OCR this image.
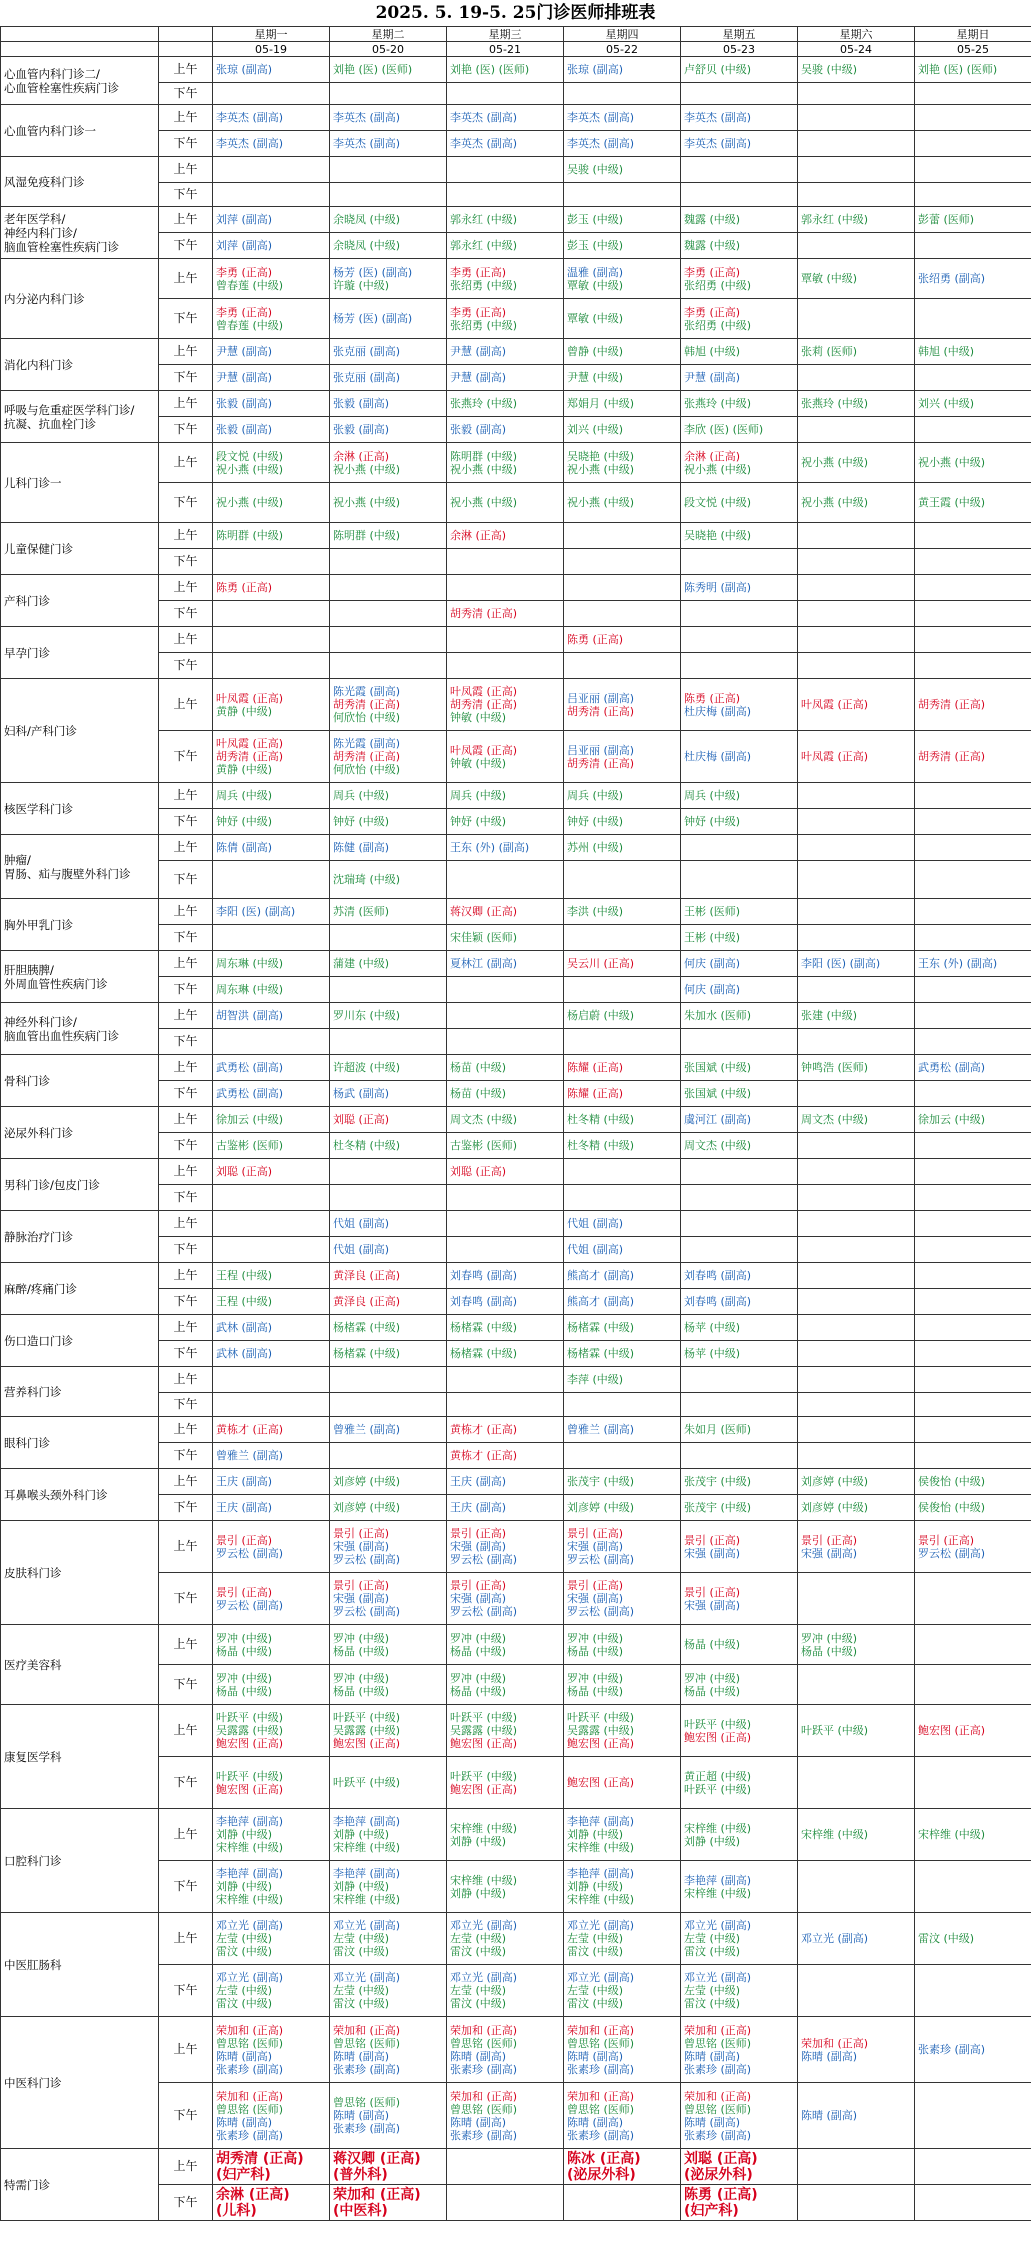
2025. 5. 19-5. 25门诊医师排班表
		星期一	星期二	星期三	星期四	星期五	星期六	星期日
		05-19	05-20	05-21	05-22	05-23	05-24	05-25
心血管内科门诊二/
心血管栓塞性疾病门诊	上午	张琼 (副高)	刘艳 (医) (医师)	刘艳 (医) (医师)	张琼 (副高)	卢舒贝 (中级)	吴骏 (中级)	刘艳 (医) (医师)

	下午							
心血管内科门诊一	上午	李英杰 (副高)	李英杰 (副高)	李英杰 (副高)	李英杰 (副高)	李英杰 (副高)		

	下午	李英杰 (副高)	李英杰 (副高)	李英杰 (副高)	李英杰 (副高)	李英杰 (副高)		

风湿免疫科门诊	上午				吴骏 (中级)			

	下午							
老年医学科/
神经内科门诊/
脑血管栓塞性疾病门诊	上午	刘萍 (副高)	余晓凤 (中级)	郭永红 (中级)	彭玉 (中级)	魏露 (中级)	郭永红 (中级)	彭蕾 (医师)

	下午	刘萍 (副高)	余晓凤 (中级)	郭永红 (中级)	彭玉 (中级)	魏露 (中级)		

内分泌内科门诊	上午	李勇 (正高)
曾春莲 (中级)	杨芳 (医) (副高)
许璇 (中级)	李勇 (正高)
张绍勇 (中级)	温雅 (副高)
覃敏 (中级)	李勇 (正高)
张绍勇 (中级)	覃敏 (中级)	张绍勇 (副高)

	下午	李勇 (正高)
曾春莲 (中级)	杨芳 (医) (副高)	李勇 (正高)
张绍勇 (中级)	覃敏 (中级)	李勇 (正高)
张绍勇 (中级)		

消化内科门诊	上午	尹慧 (副高)	张克丽 (副高)	尹慧 (副高)	曾静 (中级)	韩旭 (中级)	张莉 (医师)	韩旭 (中级)

	下午	尹慧 (副高)	张克丽 (副高)	尹慧 (副高)	尹慧 (中级)	尹慧 (副高)		

呼吸与危重症医学科门诊/
抗凝、抗血栓门诊	上午	张毅 (副高)	张毅 (副高)	张燕玲 (中级)	郑娟月 (中级)	张燕玲 (中级)	张燕玲 (中级)	刘兴 (中级)

	下午	张毅 (副高)	张毅 (副高)	张毅 (副高)	刘兴 (中级)	李欣 (医) (医师)		

儿科门诊一	上午	段文悦 (中级)
祝小燕 (中级)	余淋 (正高)
祝小燕 (中级)	陈明群 (中级)
祝小燕 (中级)	吴晓艳 (中级)
祝小燕 (中级)	余淋 (正高)
祝小燕 (中级)	祝小燕 (中级)	祝小燕 (中级)

	下午	祝小燕 (中级)	祝小燕 (中级)	祝小燕 (中级)	祝小燕 (中级)	段文悦 (中级)	祝小燕 (中级)	黄王霞 (中级)

儿童保健门诊	上午	陈明群 (中级)	陈明群 (中级)	余淋 (正高)		吴晓艳 (中级)		

	下午							
产科门诊	上午	陈勇 (正高)				陈秀明 (副高)		

	下午			胡秀清 (正高)				

早孕门诊	上午				陈勇 (正高)			

	下午							
妇科/产科门诊	上午	叶凤霞 (正高)
黄静 (中级)	陈光霞 (副高)
胡秀清 (正高)
何欣怡 (中级)	叶凤霞 (正高)
胡秀清 (正高)
钟敏 (中级)	吕亚丽 (副高)
胡秀清 (正高)	陈勇 (正高)
杜庆梅 (副高)	叶凤霞 (正高)	胡秀清 (正高)

	下午	叶凤霞 (正高)
胡秀清 (正高)
黄静 (中级)	陈光霞 (副高)
胡秀清 (正高)
何欣怡 (中级)	叶凤霞 (正高)
钟敏 (中级)	吕亚丽 (副高)
胡秀清 (正高)	杜庆梅 (副高)	叶凤霞 (正高)	胡秀清 (正高)

核医学科门诊	上午	周兵 (中级)	周兵 (中级)	周兵 (中级)	周兵 (中级)	周兵 (中级)		

	下午	钟妤 (中级)	钟妤 (中级)	钟妤 (中级)	钟妤 (中级)	钟妤 (中级)		

肿瘤/
胃肠、疝与腹壁外科门诊	上午	陈倩 (副高)	陈健 (副高)	王东 (外) (副高)	苏州 (中级)			

	下午		沈瑞琦 (中级)					

胸外甲乳门诊	上午	李阳 (医) (副高)	苏清 (医师)	蒋汉卿 (正高)	李洪 (中级)	王彬 (医师)		

	下午			宋佳颖 (医师)		王彬 (中级)		

肝胆胰脾/
外周血管性疾病门诊	上午	周东琳 (中级)	蒲建 (中级)	夏林江 (副高)	吴云川 (正高)	何庆 (副高)	李阳 (医) (副高)	王东 (外) (副高)

	下午	周东琳 (中级)				何庆 (副高)		

神经外科门诊/
脑血管出血性疾病门诊	上午	胡智洪 (副高)	罗川东 (中级)		杨启蔚 (中级)	朱加水 (医师)	张建 (中级)	

	下午							
骨科门诊	上午	武勇松 (副高)	许超波 (中级)	杨苗 (中级)	陈耀 (正高)	张国斌 (中级)	钟鸣浩 (医师)	武勇松 (副高)

	下午	武勇松 (副高)	杨武 (副高)	杨苗 (中级)	陈耀 (正高)	张国斌 (中级)		

泌尿外科门诊	上午	徐加云 (中级)	刘聪 (正高)	周文杰 (中级)	杜冬精 (中级)	虞河江 (副高)	周文杰 (中级)	徐加云 (中级)

	下午	古鉴彬 (医师)	杜冬精 (中级)	古鉴彬 (医师)	杜冬精 (中级)	周文杰 (中级)		

男科门诊/包皮门诊	上午	刘聪 (正高)		刘聪 (正高)				

	下午							
静脉治疗门诊	上午		代姐 (副高)		代姐 (副高)			

	下午		代姐 (副高)		代姐 (副高)			

麻醉/疼痛门诊	上午	王程 (中级)	黄泽良 (正高)	刘春鸣 (副高)	熊高才 (副高)	刘春鸣 (副高)		

	下午	王程 (中级)	黄泽良 (正高)	刘春鸣 (副高)	熊高才 (副高)	刘春鸣 (副高)		

伤口造口门诊	上午	武林 (副高)	杨楮霖 (中级)	杨楮霖 (中级)	杨楮霖 (中级)	杨苹 (中级)		

	下午	武林 (副高)	杨楮霖 (中级)	杨楮霖 (中级)	杨楮霖 (中级)	杨苹 (中级)		

营养科门诊	上午				李萍 (中级)			

	下午							
眼科门诊	上午	黄栋才 (正高)	曾雅兰 (副高)	黄栋才 (正高)	曾雅兰 (副高)	朱如月 (医师)		

	下午	曾雅兰 (副高)		黄栋才 (正高)				

耳鼻喉头颈外科门诊	上午	王庆 (副高)	刘彦婷 (中级)	王庆 (副高)	张茂宇 (中级)	张茂宇 (中级)	刘彦婷 (中级)	侯俊怡 (中级)

	下午	王庆 (副高)	刘彦婷 (中级)	王庆 (副高)	刘彦婷 (中级)	张茂宇 (中级)	刘彦婷 (中级)	侯俊怡 (中级)

皮肤科门诊	上午	景引 (正高)
罗云松 (副高)	景引 (正高)
宋强 (副高)
罗云松 (副高)	景引 (正高)
宋强 (副高)
罗云松 (副高)	景引 (正高)
宋强 (副高)
罗云松 (副高)	景引 (正高)
宋强 (副高)	景引 (正高)
宋强 (副高)	景引 (正高)
罗云松 (副高)

	下午	景引 (正高)
罗云松 (副高)	景引 (正高)
宋强 (副高)
罗云松 (副高)	景引 (正高)
宋强 (副高)
罗云松 (副高)	景引 (正高)
宋强 (副高)
罗云松 (副高)	景引 (正高)
宋强 (副高)		

医疗美容科	上午	罗冲 (中级)
杨晶 (中级)	罗冲 (中级)
杨晶 (中级)	罗冲 (中级)
杨晶 (中级)	罗冲 (中级)
杨晶 (中级)	杨晶 (中级)	罗冲 (中级)
杨晶 (中级)	

	下午	罗冲 (中级)
杨晶 (中级)	罗冲 (中级)
杨晶 (中级)	罗冲 (中级)
杨晶 (中级)	罗冲 (中级)
杨晶 (中级)	罗冲 (中级)
杨晶 (中级)		

康复医学科	上午	叶跃平 (中级)
吴露露 (中级)
鲍宏图 (正高)	叶跃平 (中级)
吴露露 (中级)
鲍宏图 (正高)	叶跃平 (中级)
吴露露 (中级)
鲍宏图 (正高)	叶跃平 (中级)
吴露露 (中级)
鲍宏图 (正高)	叶跃平 (中级)
鲍宏图 (正高)	叶跃平 (中级)	鲍宏图 (正高)

	下午	叶跃平 (中级)
鲍宏图 (正高)	叶跃平 (中级)	叶跃平 (中级)
鲍宏图 (正高)	鲍宏图 (正高)	黄正超 (中级)
叶跃平 (中级)		

口腔科门诊	上午	李艳萍 (副高)
刘静 (中级)
宋梓维 (中级)	李艳萍 (副高)
刘静 (中级)
宋梓维 (中级)	宋梓维 (中级)
刘静 (中级)	李艳萍 (副高)
刘静 (中级)
宋梓维 (中级)	宋梓维 (中级)
刘静 (中级)	宋梓维 (中级)	宋梓维 (中级)

	下午	李艳萍 (副高)
刘静 (中级)
宋梓维 (中级)	李艳萍 (副高)
刘静 (中级)
宋梓维 (中级)	宋梓维 (中级)
刘静 (中级)	李艳萍 (副高)
刘静 (中级)
宋梓维 (中级)	李艳萍 (副高)
宋梓维 (中级)		

中医肛肠科	上午	邓立光 (副高)
左莹 (中级)
雷汶 (中级)	邓立光 (副高)
左莹 (中级)
雷汶 (中级)	邓立光 (副高)
左莹 (中级)
雷汶 (中级)	邓立光 (副高)
左莹 (中级)
雷汶 (中级)	邓立光 (副高)
左莹 (中级)
雷汶 (中级)	邓立光 (副高)	雷汶 (中级)

	下午	邓立光 (副高)
左莹 (中级)
雷汶 (中级)	邓立光 (副高)
左莹 (中级)
雷汶 (中级)	邓立光 (副高)
左莹 (中级)
雷汶 (中级)	邓立光 (副高)
左莹 (中级)
雷汶 (中级)	邓立光 (副高)
左莹 (中级)
雷汶 (中级)		

中医科门诊	上午	荣加和 (正高)
曾思铭 (医师)
陈晴 (副高)
张素珍 (副高)	荣加和 (正高)
曾思铭 (医师)
陈晴 (副高)
张素珍 (副高)	荣加和 (正高)
曾思铭 (医师)
陈晴 (副高)
张素珍 (副高)	荣加和 (正高)
曾思铭 (医师)
陈晴 (副高)
张素珍 (副高)	荣加和 (正高)
曾思铭 (医师)
陈晴 (副高)
张素珍 (副高)	荣加和 (正高)
陈晴 (副高)	张素珍 (副高)

	下午	荣加和 (正高)
曾思铭 (医师)
陈晴 (副高)
张素珍 (副高)	曾思铭 (医师)
陈晴 (副高)
张素珍 (副高)	荣加和 (正高)
曾思铭 (医师)
陈晴 (副高)
张素珍 (副高)	荣加和 (正高)
曾思铭 (医师)
陈晴 (副高)
张素珍 (副高)	荣加和 (正高)
曾思铭 (医师)
陈晴 (副高)
张素珍 (副高)	陈晴 (副高)	

特需门诊	上午	胡秀清 (正高)
(妇产科)	蒋汉卿 (正高)
(普外科)		陈冰 (正高)
(泌尿外科)	刘聪 (正高)
(泌尿外科)		

	下午	余淋 (正高)
(儿科)	荣加和 (正高)
(中医科)			陈勇 (正高)
(妇产科)		
